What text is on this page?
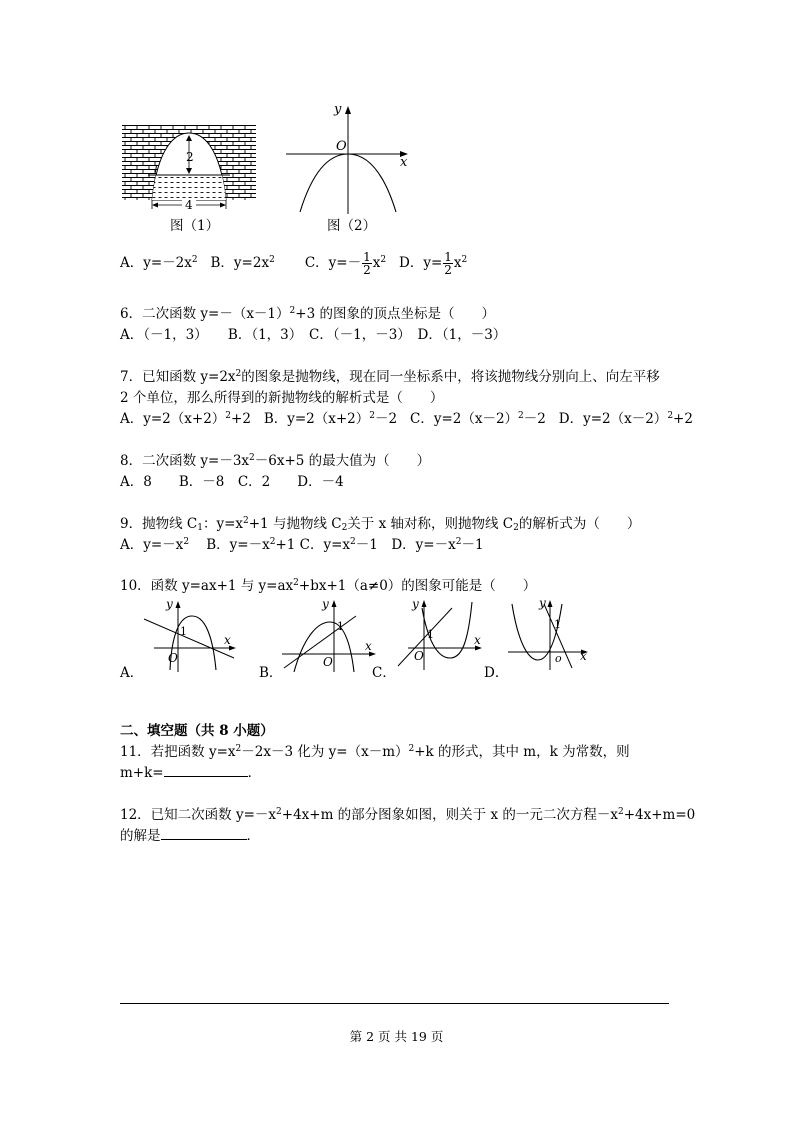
2
l
4
图（1）
y
x
O
图（2）
A．$y=-2x^2$ B．$y=2x^2$ C．$y=- \frac{1}{2} x^2$ D．$y= \frac{1}{2} x^2$
6．二次函数 $y=-(x-1)^2+3$ 的图象的顶点坐标是（　　）
A．（－1，3）　　B．（1，3）　C．（－1，－3）　D．（1，－3）
7．已知函数 $y=2x^2$的图象是抛物线，现在同一坐标系中，将该抛物线分别向上、向左平移
2 个单位，那么所得到的新抛物线的解析式是（　　）
A．$y=2(x+2)^2+2$ B．$y=2(x+2)^2-2$ C．$y=2(x-2)^2-2$ D．$y=2(x-2)^2+2$
8．二次函数 $y=-3x^2-6x+5$ 的最大值为（　　）
A．8　　B．－8　C．2　　D．－4
9．抛物线 $C_1$：$y=x^2+1$ 与抛物线 $C_2$关于 x 轴对称，则抛物线 $C_2$的解析式为（　　）
A．$y=-x^2$ B．$y=-x^2+1$ C．$y=x^2-1$　D．$y=-x^2-1$
10．函数 y=ax+1 与 $y=ax^2+bx+1(a\ne 0)$的图象可能是（　　）
y
x
O
1
A．
y
x
O
1
B．
y
x
O
1
C．
y
x
o
1
D．
二、填空题（共 8 小题）
11．若把函数 $y=x^2-2x-3$ 化为 $y=(x-m)^2+k$ 的形式，其中 m，k 为常数，则
m+k=	．
12．已知二次函数 $y=-x^2+4x+m$ 的部分图象如图，则关于 x 的一元二次方程$-x^2+4x+m=0$
的解是	．
第 2 页 共 19 页
